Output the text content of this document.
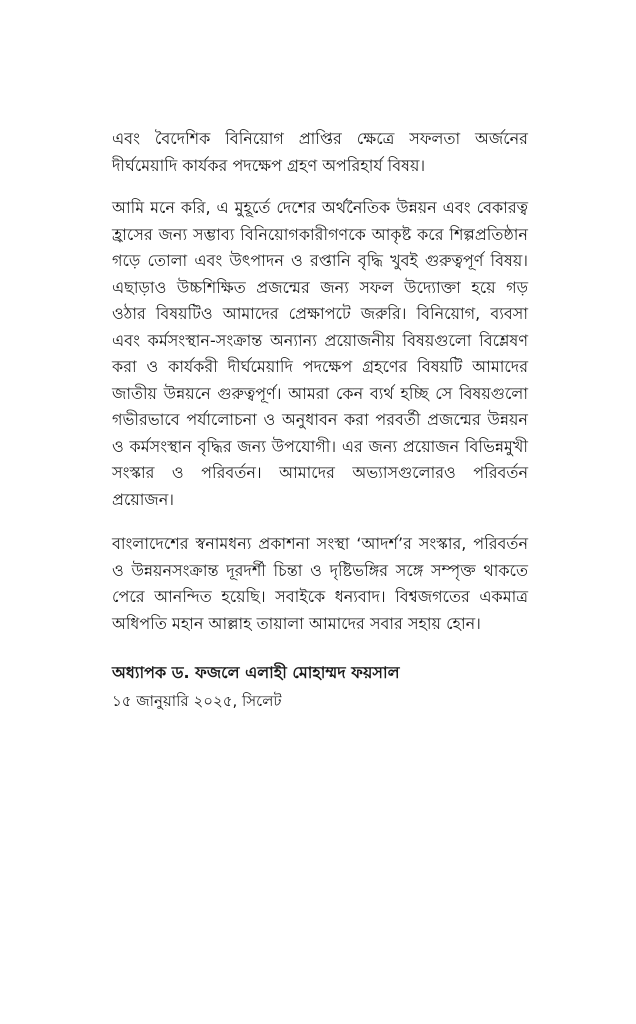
এবং বৈদেশিক বিনিয়োগ প্রাপ্তির ক্ষেত্রে সফলতা অর্জনের দীর্ঘমেয়াদি কার্যকর পদক্ষেপ গ্রহণ অপরিহার্য বিষয়।

আমি মনে করি, এ মুহূর্তে দেশের অর্থনৈতিক উন্নয়ন এবং বেকারত্ব হ্রাসের জন্য সম্ভাব্য বিনিয়োগকারীগণকে আকৃষ্ট করে শিল্পপ্রতিষ্ঠান গড়ে তোলা এবং উৎপাদন ও রপ্তানি বৃদ্ধি খুবই গুরুত্বপূর্ণ বিষয়। এছাড়াও উচ্চশিক্ষিত প্রজন্মের জন্য সফল উদ্যোক্তা হয়ে গড় ওঠার বিষয়টিও আমাদের প্রেক্ষাপটে জরুরি। বিনিয়োগ, ব্যবসা এবং কর্মসংস্থান-সংক্রান্ত অন্যান্য প্রয়োজনীয় বিষয়গুলো বিশ্লেষণ করা ও কার্যকরী দীর্ঘমেয়াদি পদক্ষেপ গ্রহণের বিষয়টি আমাদের জাতীয় উন্নয়নে গুরুত্বপূর্ণ। আমরা কেন ব্যর্থ হচ্ছি সে বিষয়গুলো গভীরভাবে পর্যালোচনা ও অনুধাবন করা পরবর্তী প্রজন্মের উন্নয়ন ও কর্মসংস্থান বৃদ্ধির জন্য উপযোগী। এর জন্য প্রয়োজন বিভিন্নমুখী সংস্কার ও পরিবর্তন। আমাদের অভ্যাসগুলোরও পরিবর্তন প্রয়োজন।

বাংলাদেশের স্বনামধন্য প্রকাশনা সংস্থা ‘আদর্শ’র সংস্কার, পরিবর্তন ও উন্নয়নসংক্রান্ত দূরদর্শী চিন্তা ও দৃষ্টিভঙ্গির সঙ্গে সম্পৃক্ত থাকতে পেরে আনন্দিত হয়েছি। সবাইকে ধন্যবাদ। বিশ্বজগতের একমাত্র অধিপতি মহান আল্লাহ তায়ালা আমাদের সবার সহায় হোন।

অধ্যাপক ড. ফজলে এলাহী মোহাম্মদ ফয়সাল

১৫ জানুয়ারি ২০২৫, সিলেট
